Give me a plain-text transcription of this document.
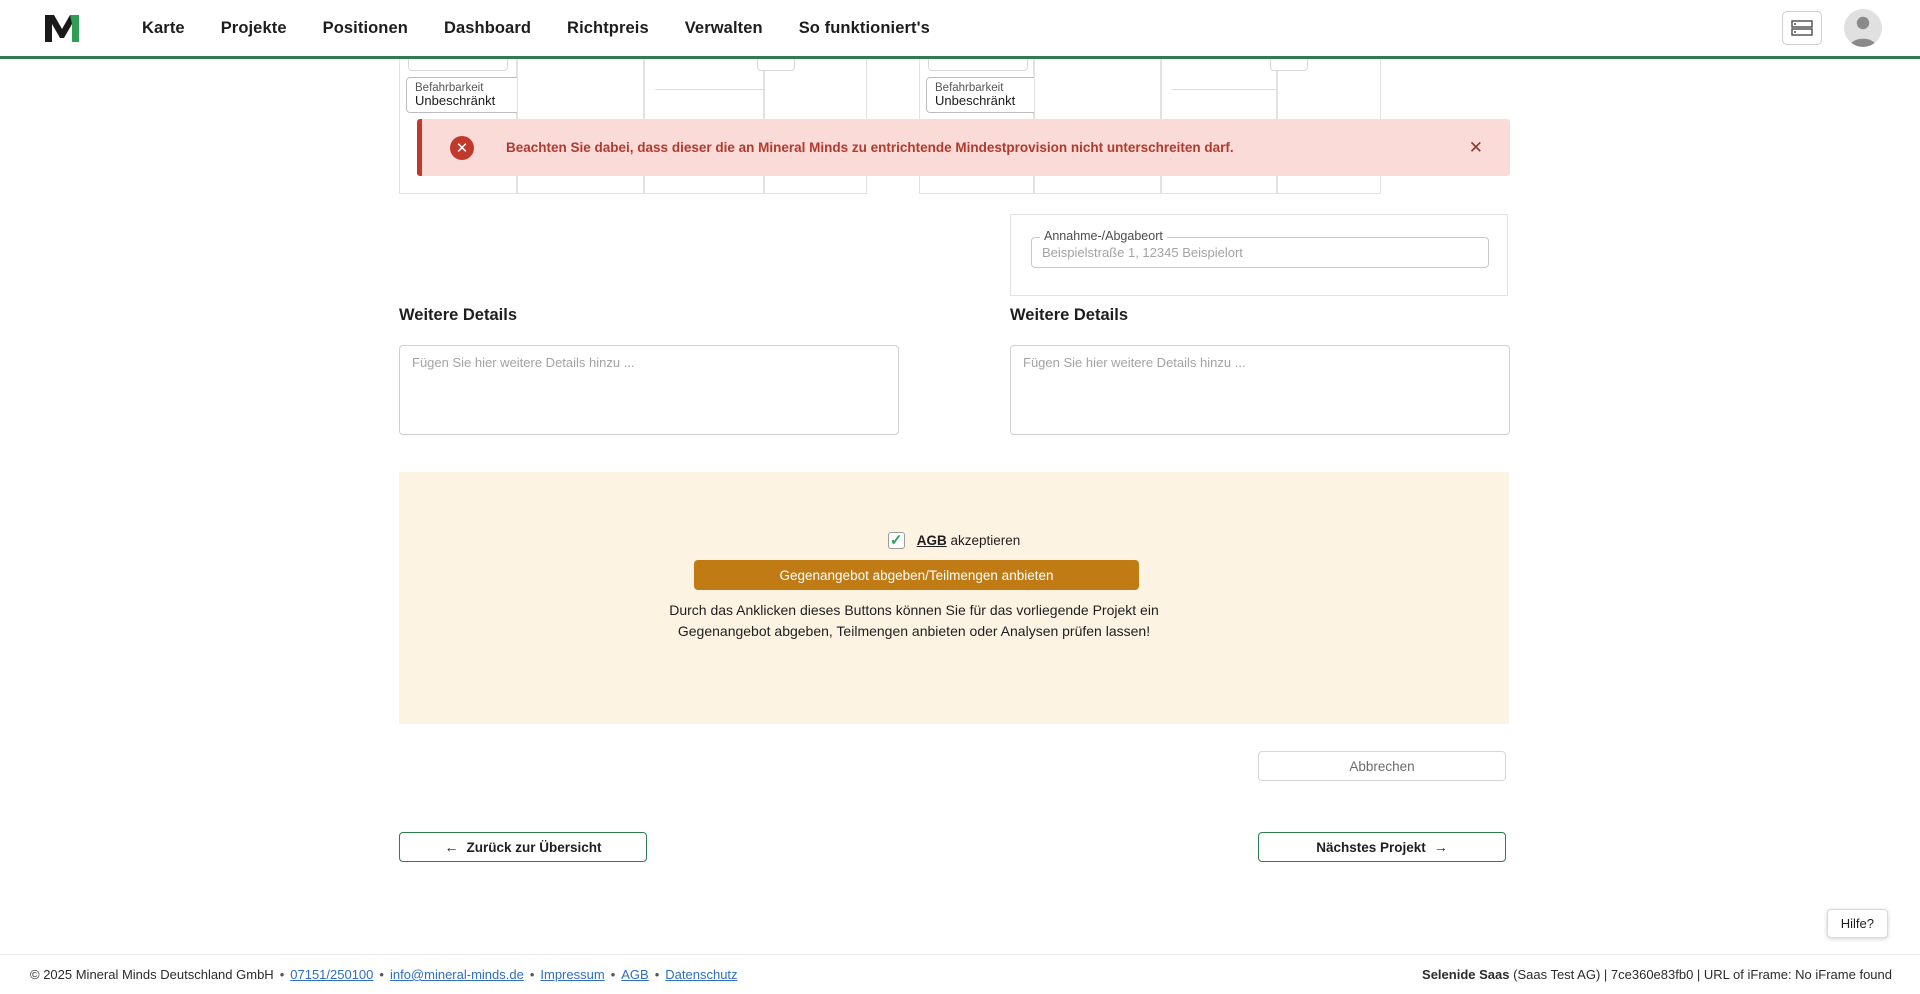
Karte	Projekte	Positionen	Dashboard	Richtpreis	Verwalten	So funktioniert's
Befahrbarkeit
Unbeschränkt
Befahrbarkeit
Unbeschränkt
✕	Beachten Sie dabei, dass dieser die an Mineral Minds zu entrichtende Mindestprovision nicht unterschreiten darf.	✕
Annahme-/Abgabeort
Beispielstraße 1, 12345 Beispielort
Weitere Details
Fügen Sie hier weitere Details hinzu ...
Weitere Details
Fügen Sie hier weitere Details hinzu ...
✓ AGB akzeptieren
Gegenangebot abgeben/Teilmengen anbieten
Durch das Anklicken dieses Buttons können Sie für das vorliegende Projekt ein Gegenangebot abgeben, Teilmengen anbieten oder Analysen prüfen lassen!
Abbrechen
← Zurück zur Übersicht	Nächstes Projekt →
Hilfe?
© 2025 Mineral Minds Deutschland GmbH • 07151/250100 • info@mineral-minds.de • Impressum • AGB • Datenschutz	Selenide Saas (Saas Test AG) | 7ce360e83fb0 | URL of iFrame: No iFrame found
